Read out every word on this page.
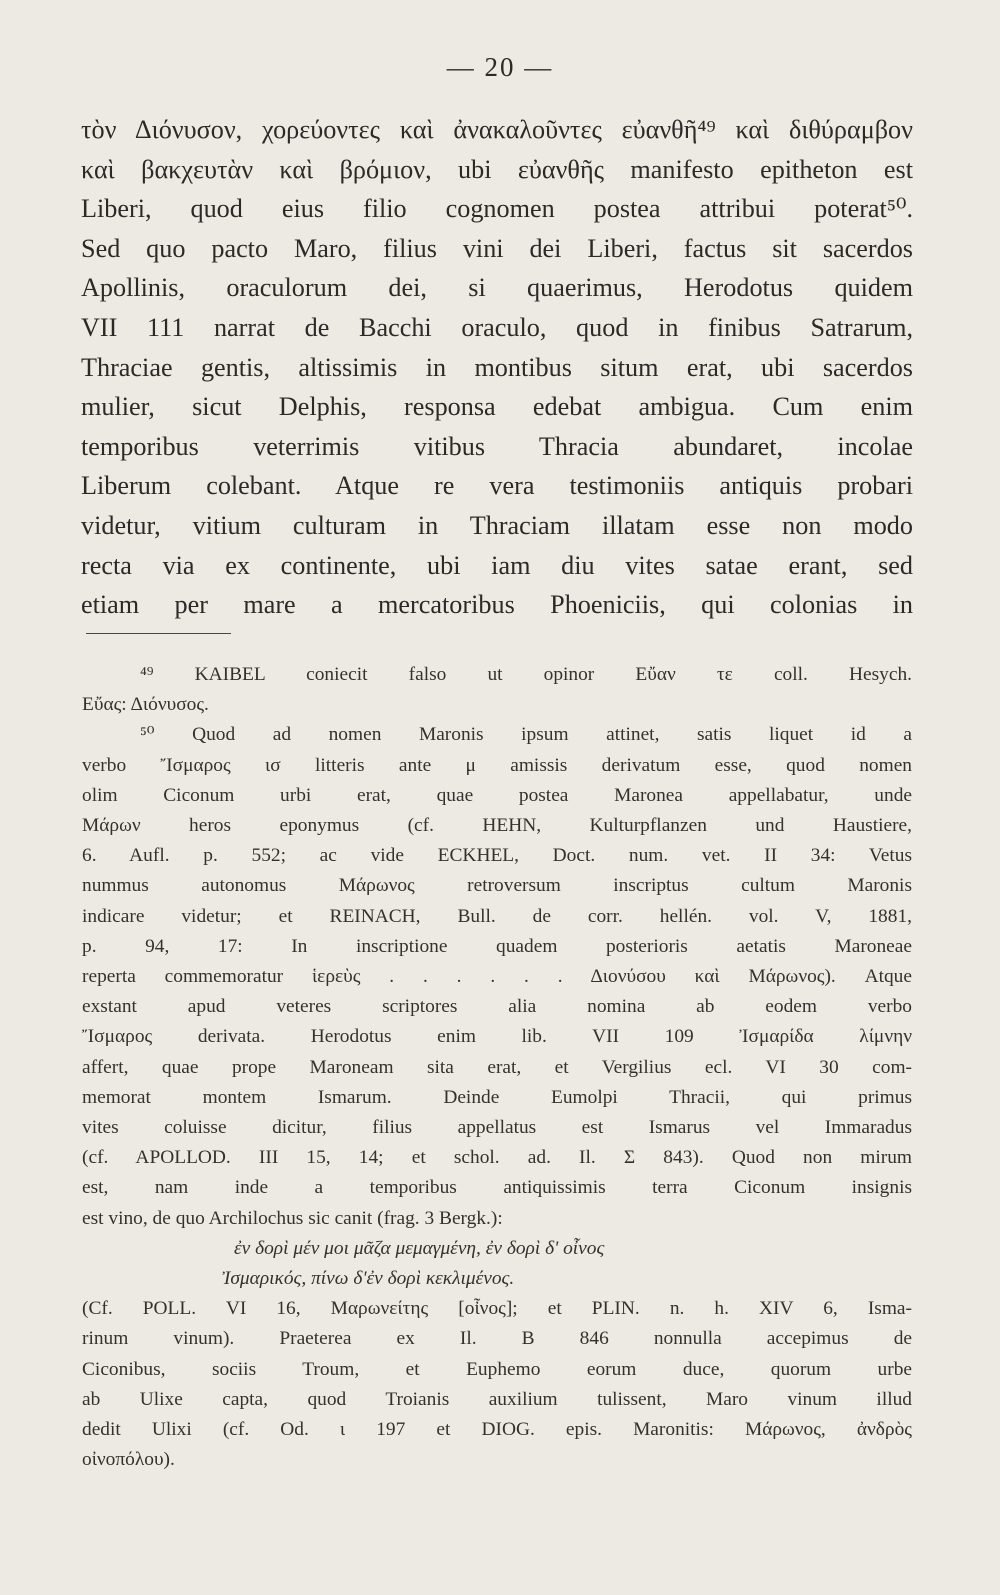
— 20 —
τὸν Διόνυσον, χορεύοντες καὶ ἀνακαλοῦντες εὐανθῆ⁴⁹ καὶ διθύραμβον
καὶ βακχευτὰν καὶ βρόμιον, ubi εὐανθῆς manifesto epitheton est
Liberi, quod eius filio cognomen postea attribui poterat⁵⁰.
Sed quo pacto Maro, filius vini dei Liberi, factus sit sacerdos
Apollinis, oraculorum dei, si quaerimus, Herodotus quidem
VII 111 narrat de Bacchi oraculo, quod in finibus Satrarum,
Thraciae gentis, altissimis in montibus situm erat, ubi sacerdos
mulier, sicut Delphis, responsa edebat ambigua. Cum enim
temporibus veterrimis vitibus Thracia abundaret, incolae
Liberum colebant. Atque re vera testimoniis antiquis probari
videtur, vitium culturam in Thraciam illatam esse non modo
recta via ex continente, ubi iam diu vites satae erant, sed
etiam per mare a mercatoribus Phoeniciis, qui colonias in
⁴⁹ KAIBEL coniecit falso ut opinor Εὔαν τε coll. Hesych.
Εὔας: Διόνυσος.
⁵⁰ Quod ad nomen Maronis ipsum attinet, satis liquet id a
verbo Ἴσμαρος ισ litteris ante μ amissis derivatum esse, quod nomen
olim Ciconum urbi erat, quae postea Maronea appellabatur, unde
Μάρων heros eponymus (cf. HEHN, Kulturpflanzen und Haustiere,
6. Aufl. p. 552; ac vide ECKHEL, Doct. num. vet. II 34: Vetus
nummus autonomus Μάρωνος retroversum inscriptus cultum Maronis
indicare videtur; et REINACH, Bull. de corr. hellén. vol. V, 1881,
p. 94, 17: In inscriptione quadem posterioris aetatis Maroneae
reperta commemoratur ἱερεὺς . . . . . . Διονύσου καὶ Μάρωνος). Atque
exstant apud veteres scriptores alia nomina ab eodem verbo
Ἴσμαρος derivata. Herodotus enim lib. VII 109 Ἰσμαρίδα λίμνην
affert, quae prope Maroneam sita erat, et Vergilius ecl. VI 30 com-
memorat montem Ismarum. Deinde Eumolpi Thracii, qui primus
vites coluisse dicitur, filius appellatus est Ismarus vel Immaradus
(cf. APOLLOD. III 15, 14; et schol. ad. Il. Σ 843). Quod non mirum
est, nam inde a temporibus antiquissimis terra Ciconum insignis
est vino, de quo Archilochus sic canit (frag. 3 Bergk.):
ἐν δορὶ μέν μοι μᾶζα μεμαγμένη, ἐν δορὶ δ' οἶνος
Ἰσμαρικός, πίνω δ'ἐν δορὶ κεκλιμένος.
(Cf. POLL. VI 16, Μαρωνείτης [οἶνος]; et PLIN. n. h. XIV 6, Isma-
rinum vinum). Praeterea ex Il. B 846 nonnulla accepimus de
Ciconibus, sociis Troum, et Euphemo eorum duce, quorum urbe
ab Ulixe capta, quod Troianis auxilium tulissent, Maro vinum illud
dedit Ulixi (cf. Od. ι 197 et DIOG. epis. Maronitis: Μάρωνος, ἀνδρὸς
οἰνοπόλου).
